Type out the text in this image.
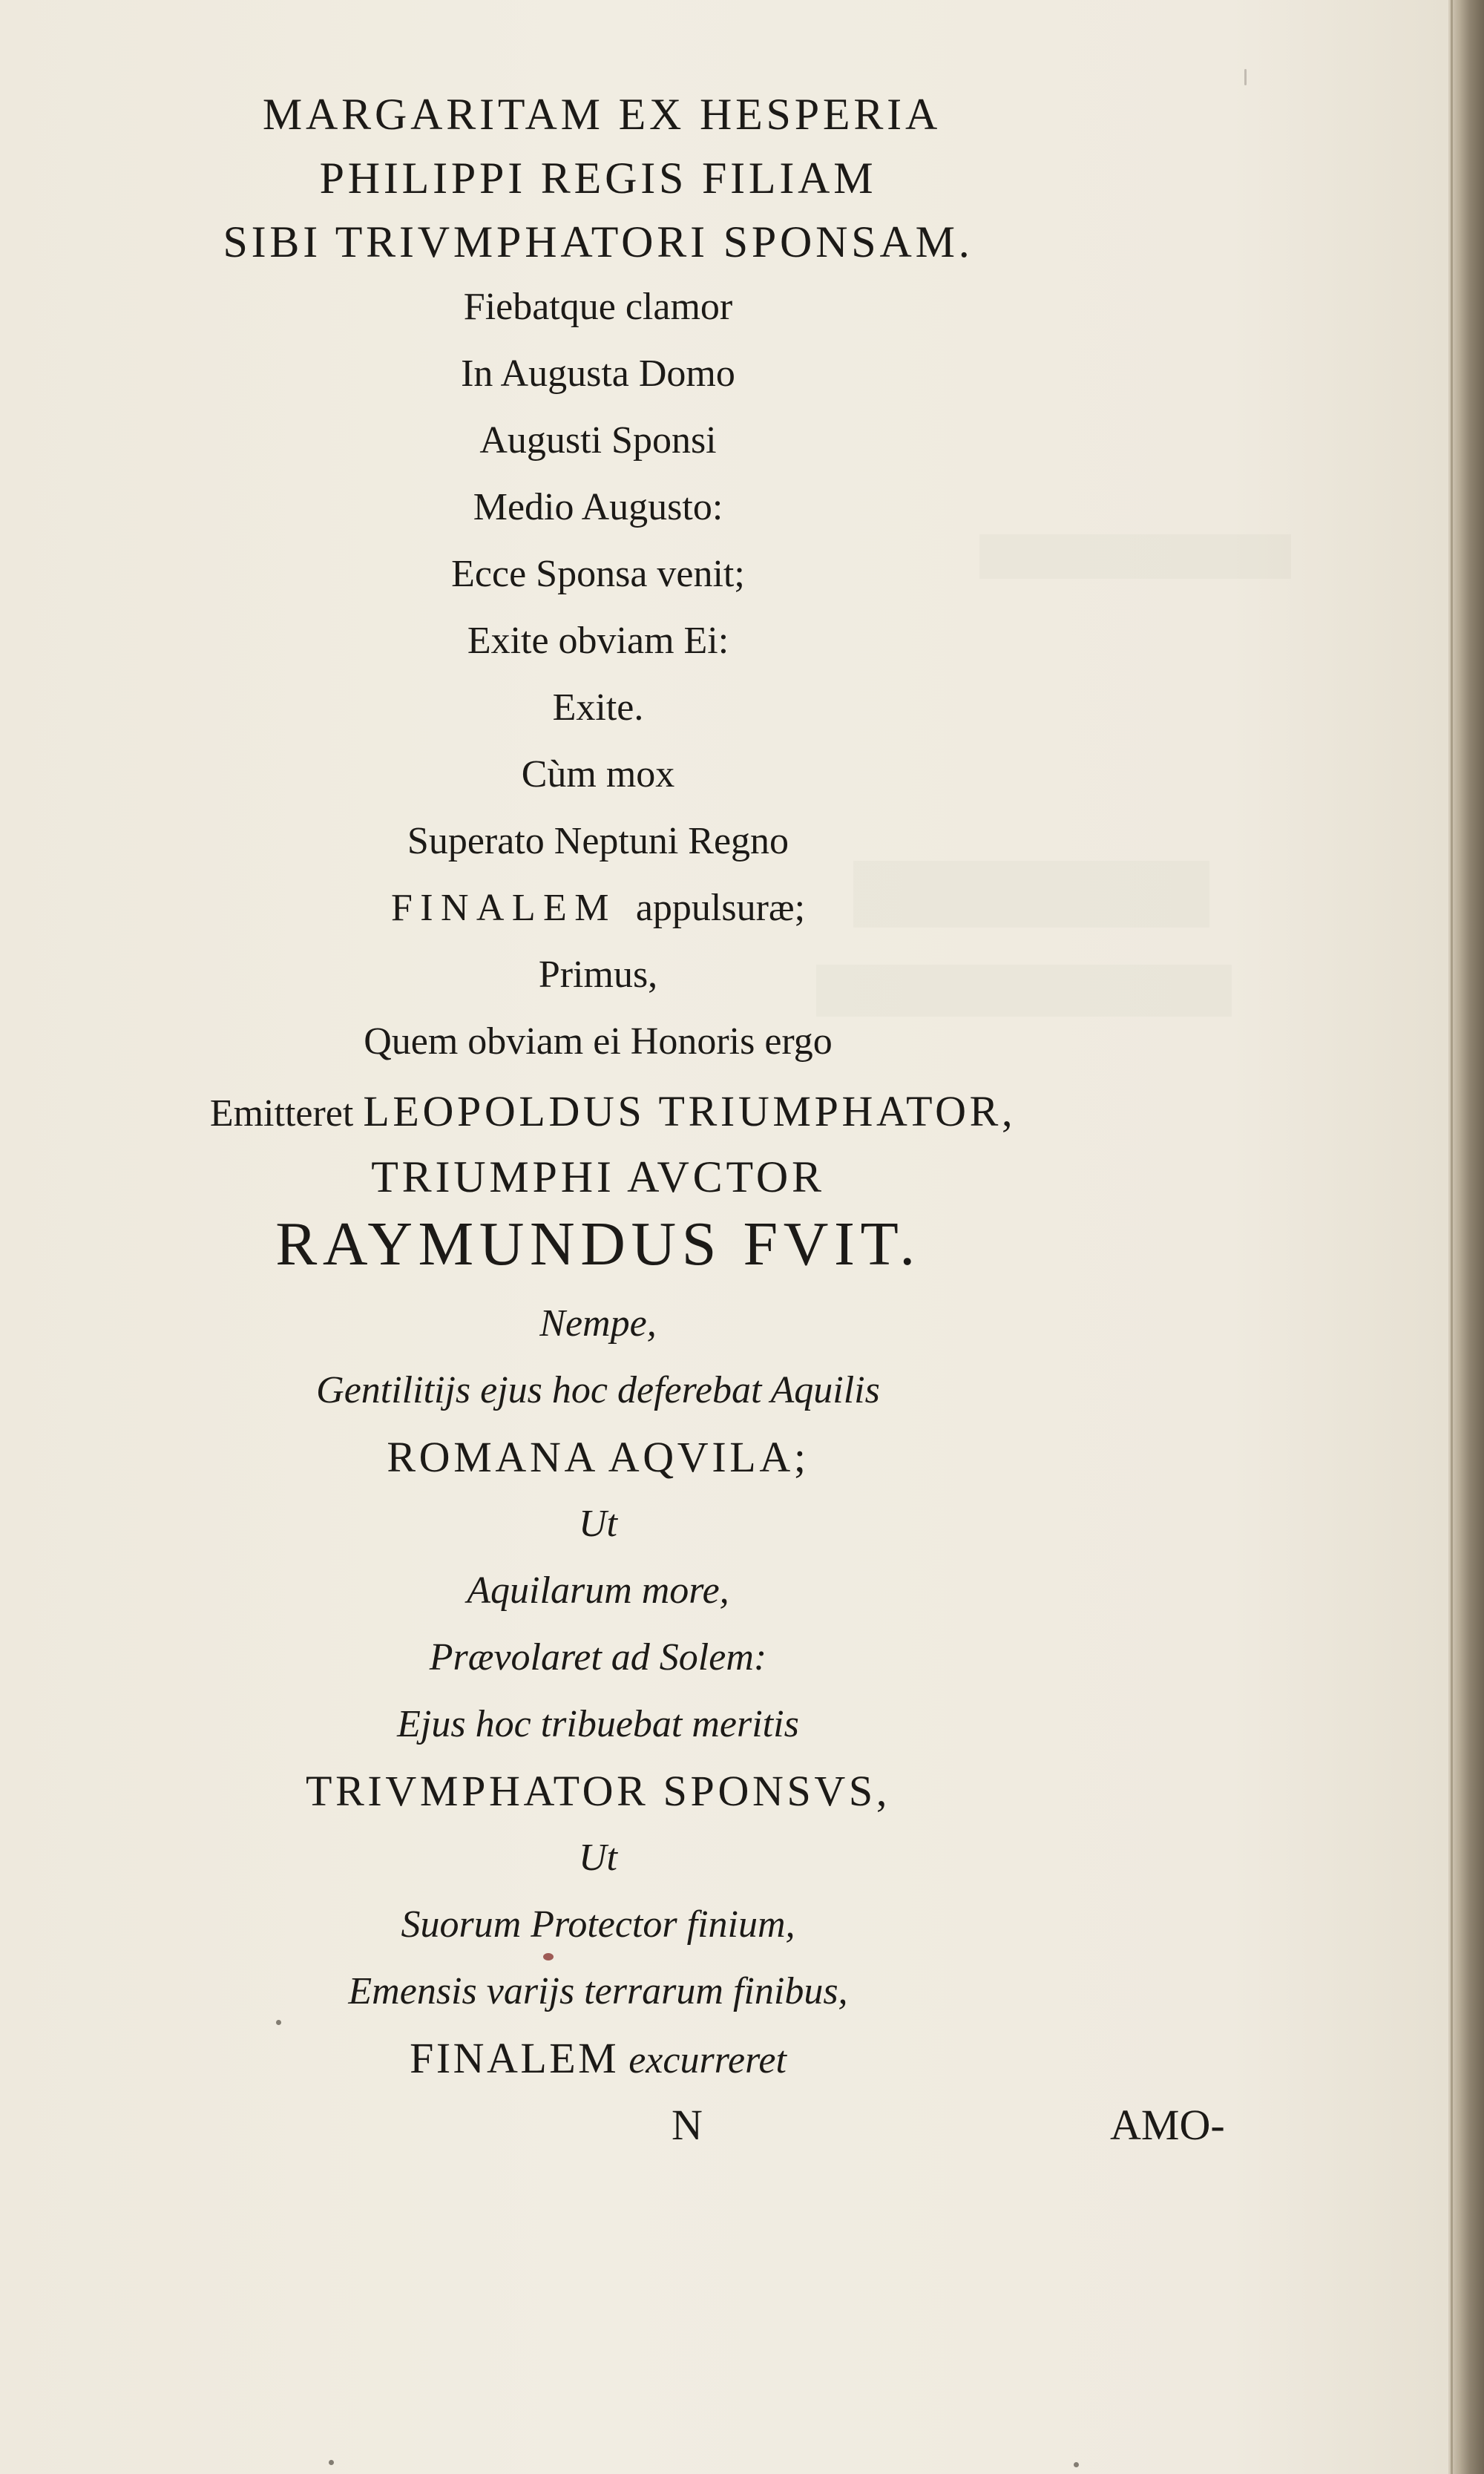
MARGARITAM EX HESPERIA
PHILIPPI REGIS FILIAM
SIBI TRIVMPHATORI SPONSAM.
Fiebatque clamor
In Augusta Domo
Augusti Sponsi
Medio Augusto:
Ecce Sponsa venit;
Exite obviam Ei:
Exite.
Cùm mox
Superato Neptuni Regno
FINALEM appulsuræ;
Primus,
Quem obviam ei Honoris ergo
Emitteret LEOPOLDUS TRIUMPHATOR,
TRIUMPHI AVCTOR
RAYMUNDUS FVIT.
Nempe,
Gentilitijs ejus hoc deferebat Aquilis
ROMANA AQVILA;
Ut
Aquilarum more,
Prævolaret ad Solem:
Ejus hoc tribuebat meritis
TRIVMPHATOR SPONSVS,
Ut
Suorum Protector finium,
Emensis varijs terrarum finibus,
FINALEM excurreret
N	AMO-
